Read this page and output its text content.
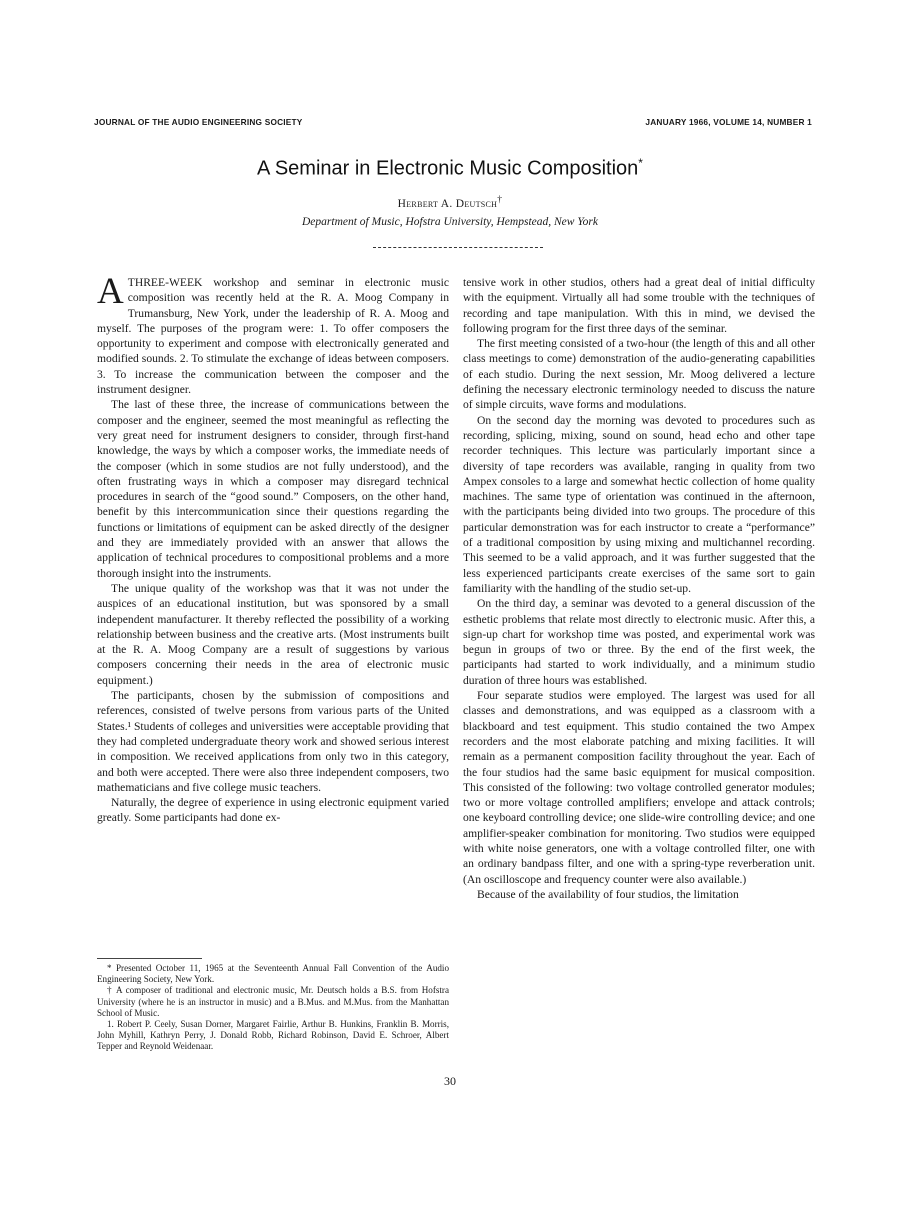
JOURNAL OF THE AUDIO ENGINEERING SOCIETY	JANUARY 1966, VOLUME 14, NUMBER 1
A Seminar in Electronic Music Composition*
Herbert A. Deutsch†
Department of Music, Hofstra University, Hempstead, New York

ATHREE-WEEK workshop and seminar in electronic music composition was recently held at the R. A. Moog Company in Trumansburg, New York, under the leadership of R. A. Moog and myself. The purposes of the program were: 1. To offer composers the opportunity to experiment and compose with electronically generated and modified sounds. 2. To stimulate the exchange of ideas between composers. 3. To increase the communication between the composer and the instrument designer.

The last of these three, the increase of communications between the composer and the engineer, seemed the most meaningful as reflecting the very great need for instrument designers to consider, through first-hand knowledge, the ways by which a composer works, the immediate needs of the composer (which in some studios are not fully understood), and the often frustrating ways in which a composer may disregard technical procedures in search of the “good sound.” Composers, on the other hand, benefit by this intercommunication since their questions regarding the functions or limitations of equipment can be asked directly of the designer and they are immediately provided with an answer that allows the application of technical procedures to compositional problems and a more thorough insight into the instruments.

The unique quality of the workshop was that it was not under the auspices of an educational institution, but was sponsored by a small independent manufacturer. It thereby reflected the possibility of a working relationship between business and the creative arts. (Most instruments built at the R. A. Moog Company are a result of suggestions by various composers concerning their needs in the area of electronic music equipment.)

The participants, chosen by the submission of compositions and references, consisted of twelve persons from various parts of the United States.¹ Students of colleges and universities were acceptable providing that they had completed undergraduate theory work and showed serious interest in composition. We received applications from only two in this category, and both were accepted. There were also three independent composers, two mathematicians and five college music teachers.

Naturally, the degree of experience in using electronic equipment varied greatly. Some participants had done ex-

tensive work in other studios, others had a great deal of initial difficulty with the equipment. Virtually all had some trouble with the techniques of recording and tape manipulation. With this in mind, we devised the following program for the first three days of the seminar.

The first meeting consisted of a two-hour (the length of this and all other class meetings to come) demonstration of the audio-generating capabilities of each studio. During the next session, Mr. Moog delivered a lecture defining the necessary electronic terminology needed to discuss the nature of simple circuits, wave forms and modulations.

On the second day the morning was devoted to procedures such as recording, splicing, mixing, sound on sound, head echo and other tape recorder techniques. This lecture was particularly important since a diversity of tape recorders was available, ranging in quality from two Ampex consoles to a large and somewhat hectic collection of home quality machines. The same type of orientation was continued in the afternoon, with the participants being divided into two groups. The procedure of this particular demonstration was for each instructor to create a “performance” of a traditional composition by using mixing and multichannel recording. This seemed to be a valid approach, and it was further suggested that the less experienced participants create exercises of the same sort to gain familiarity with the handling of the studio set-up.

On the third day, a seminar was devoted to a general discussion of the esthetic problems that relate most directly to electronic music. After this, a sign-up chart for workshop time was posted, and experimental work was begun in groups of two or three. By the end of the first week, the participants had started to work individually, and a minimum studio duration of three hours was established.

Four separate studios were employed. The largest was used for all classes and demonstrations, and was equipped as a classroom with a blackboard and test equipment. This studio contained the two Ampex recorders and the most elaborate patching and mixing facilities. It will remain as a permanent composition facility throughout the year. Each of the four studios had the same basic equipment for musical composition. This consisted of the following: two voltage controlled generator modules; two or more voltage controlled amplifiers; envelope and attack controls; one keyboard controlling device; one slide-wire controlling device; and one amplifier-speaker combination for monitoring. Two studios were equipped with white noise generators, one with a voltage controlled filter, one with an ordinary bandpass filter, and one with a spring-type reverberation unit. (An oscilloscope and frequency counter were also available.)

Because of the availability of four studios, the limitation

* Presented October 11, 1965 at the Seventeenth Annual Fall Convention of the Audio Engineering Society, New York.

† A composer of traditional and electronic music, Mr. Deutsch holds a B.S. from Hofstra University (where he is an instructor in music) and a B.Mus. and M.Mus. from the Manhattan School of Music.

1. Robert P. Ceely, Susan Dorner, Margaret Fairlie, Arthur B. Hunkins, Franklin B. Morris, John Myhill, Kathryn Perry, J. Donald Robb, Richard Robinson, David E. Schroer, Albert Tepper and Reynold Weidenaar.

30
